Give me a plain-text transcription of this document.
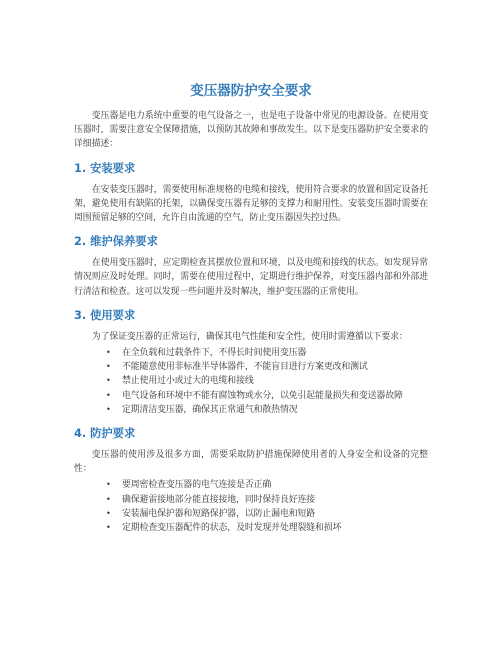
变压器防护安全要求

变压器是电力系统中重要的电气设备之一，也是电子设备中常见的电源设备。在使用变压器时，需要注意安全保障措施，以预防其故障和事故发生。以下是变压器防护安全要求的详细描述：

1. 安装要求

在安装变压器时，需要使用标准规格的电缆和接线，使用符合要求的放置和固定设备托架，避免使用有缺陷的托架，以确保变压器有足够的支撑力和耐用性。安装变压器时需要在周围预留足够的空间，允许自由流通的空气，防止变压器因失控过热。

2. 维护保养要求

在使用变压器时，应定期检查其摆放位置和环境，以及电缆和接线的状态。如发现异常情况则应及时处理。同时，需要在使用过程中，定期进行维护保养，对变压器内部和外部进行清洁和检查。这可以发现一些问题并及时解决，维护变压器的正常使用。

3. 使用要求

为了保证变压器的正常运行，确保其电气性能和安全性，使用时需遵循以下要求：

• 在全负载和过载条件下，不得长时间使用变压器
• 不能随意使用非标准半导体器件，不能盲目进行方案更改和测试
• 禁止使用过小或过大的电缆和接线
• 电气设备和环境中不能有腐蚀物或水分，以免引起能量损失和变送器故障
• 定期清洁变压器，确保其正常通气和散热情况
4. 防护要求

变压器的使用涉及很多方面，需要采取防护措施保障使用者的人身安全和设备的完整性：

• 要周密检查变压器的电气连接是否正确
• 确保避雷接地部分能直接接地，同时保持良好连接
• 安装漏电保护器和短路保护器，以防止漏电和短路
• 定期检查变压器配件的状态，及时发现并处理裂缝和损坏
